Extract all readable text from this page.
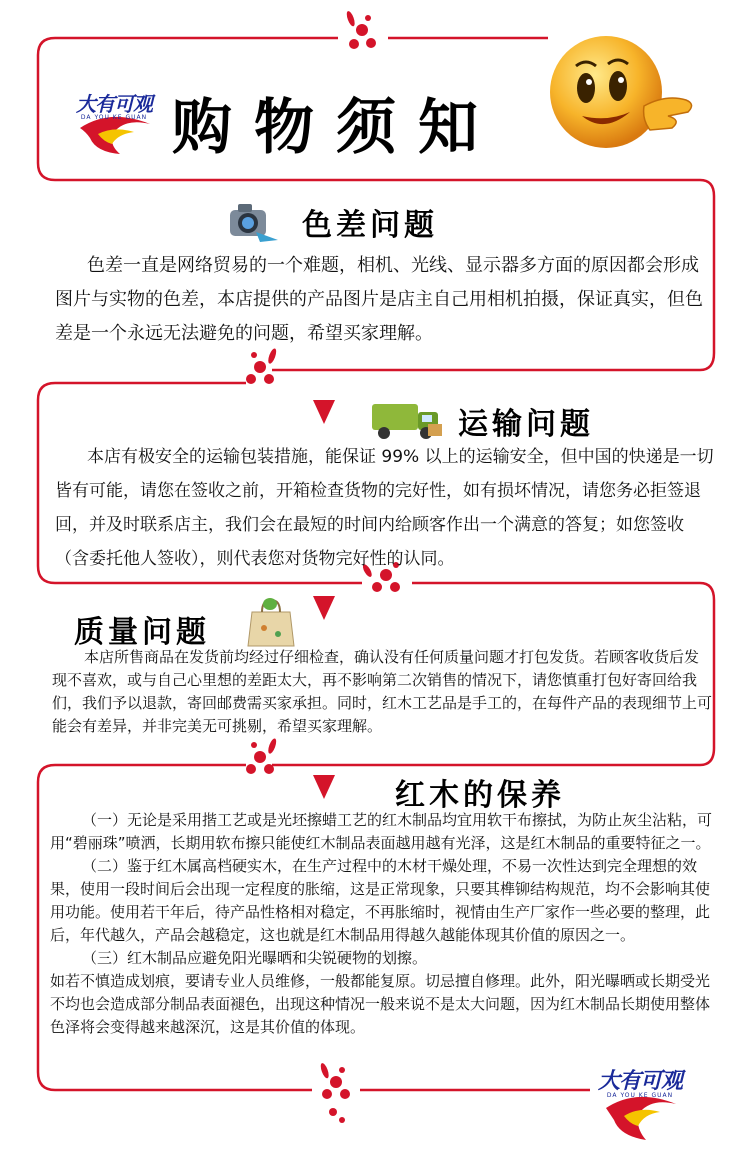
大有可观
DA YOU KE GUAN 购物须知
色差问题

色差一直是网络贸易的一个难题，相机、光线、显示器多方面的原因都会形成图片与实物的色差，本店提供的产品图片是店主自己用相机拍摄，保证真实，但色差是一个永远无法避免的问题，希望买家理解。

运输问题

本店有极安全的运输包装措施，能保证 99% 以上的运输安全，但中国的快递是一切皆有可能，请您在签收之前，开箱检查货物的完好性，如有损坏情况，请您务必拒签退回，并及时联系店主，我们会在最短的时间内给顾客作出一个满意的答复；如您签收（含委托他人签收），则代表您对货物完好性的认同。

质量问题

本店所售商品在发货前均经过仔细检查，确认没有任何质量问题才打包发货。若顾客收货后发现不喜欢，或与自己心里想的差距太大，再不影响第二次销售的情况下，请您慎重打包好寄回给我们，我们予以退款，寄回邮费需买家承担。同时，红木工艺品是手工的，在每件产品的表现细节上可能会有差异，并非完美无可挑剔，希望买家理解。

红木的保养
（一）无论是采用揩工艺或是光坯擦蜡工艺的红木制品均宜用软干布擦拭，为防止灰尘沾粘，可用“碧丽珠”喷洒，长期用软布擦只能使红木制品表面越用越有光泽，这是红木制品的重要特征之一。
（二）鉴于红木属高档硬实木，在生产过程中的木材干燥处理，不易一次性达到完全理想的效果，使用一段时间后会出现一定程度的胀缩，这是正常现象，只要其榫铆结构规范，均不会影响其使用功能。使用若干年后，待产品性格相对稳定，不再胀缩时，视情由生产厂家作一些必要的整理，此后，年代越久，产品会越稳定，这也就是红木制品用得越久越能体现其价值的原因之一。
（三）红木制品应避免阳光曝晒和尖锐硬物的划擦。
如若不慎造成划痕，要请专业人员维修，一般都能复原。切忌擅自修理。此外，阳光曝晒或长期受光不均也会造成部分制品表面褪色，出现这种情况一般来说不是太大问题，因为红木制品长期使用整体色泽将会变得越来越深沉，这是其价值的体现。
大有可观
DA YOU KE GUAN
